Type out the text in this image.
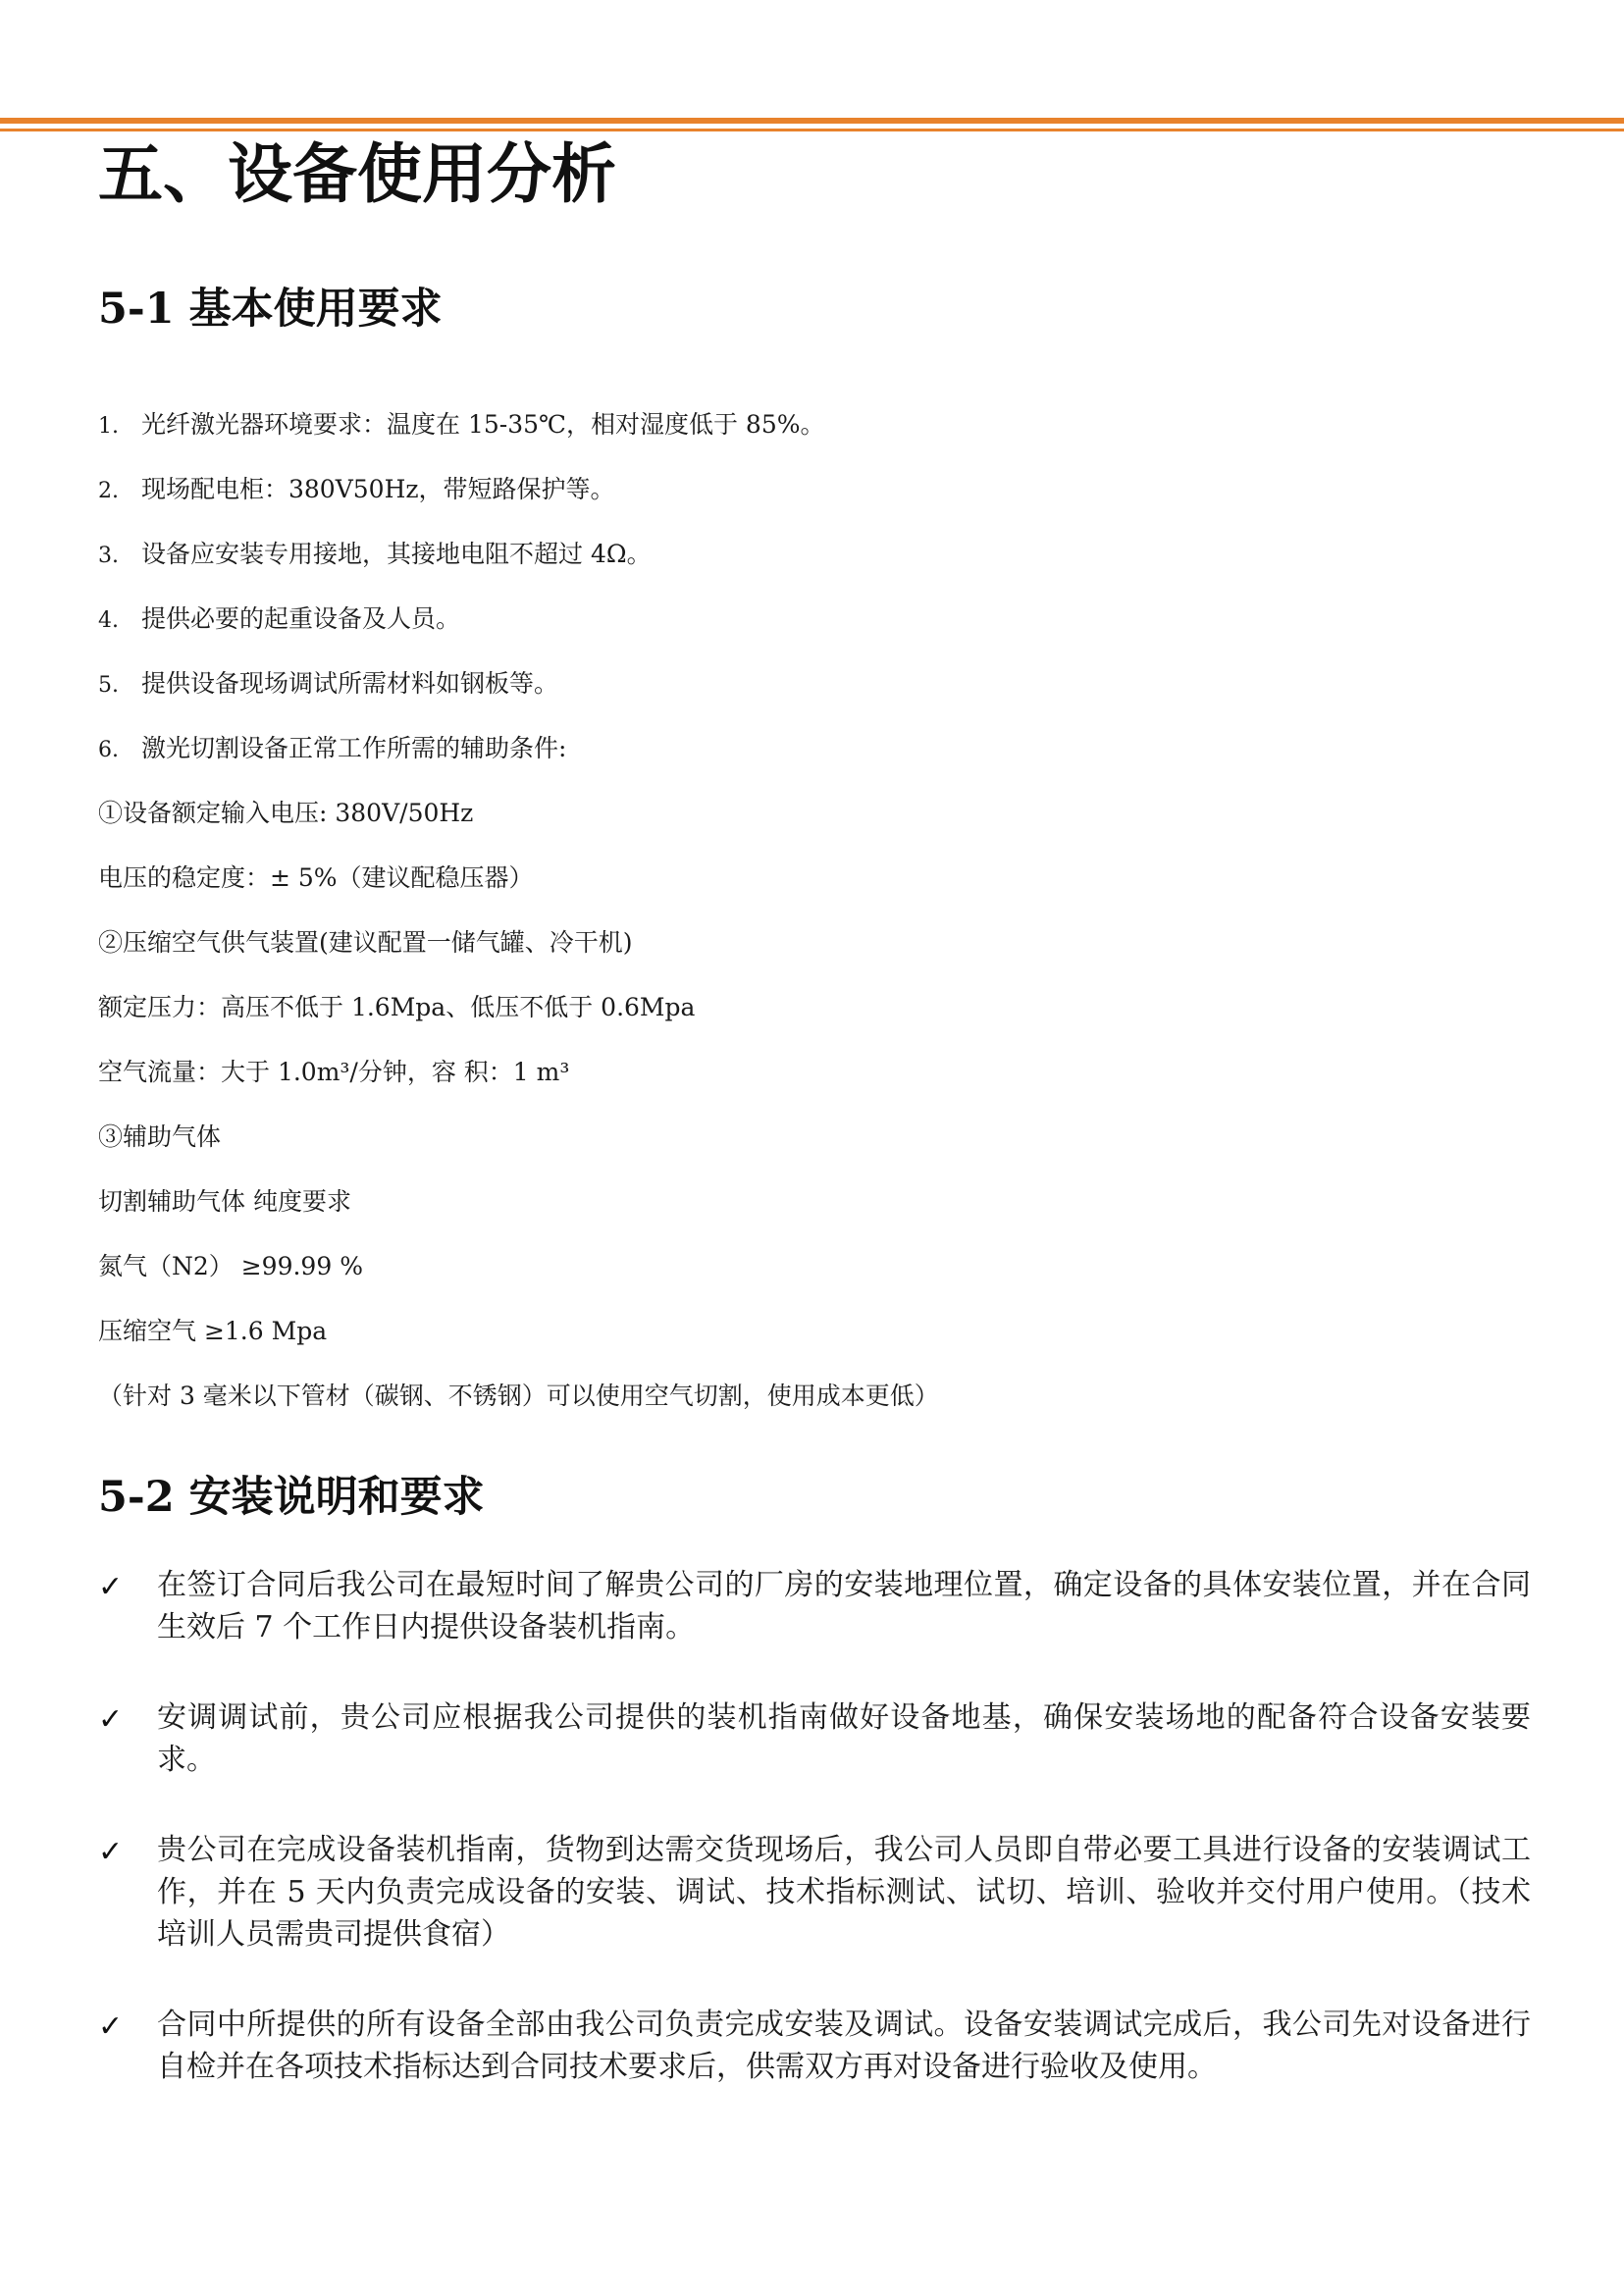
五、设备使用分析
5-1 基本使用要求
1. 光纤激光器环境要求：温度在 15-35℃，相对湿度低于 85%。
2. 现场配电柜：380V50Hz，带短路保护等。
3. 设备应安装专用接地，其接地电阻不超过 4Ω。
4. 提供必要的起重设备及人员。
5. 提供设备现场调试所需材料如钢板等。
6. 激光切割设备正常工作所需的辅助条件:
①设备额定输入电压: 380V/50Hz
电压的稳定度：± 5%（建议配稳压器）
②压缩空气供气装置(建议配置一储气罐、冷干机)
额定压力：高压不低于 1.6Mpa、低压不低于 0.6Mpa
空气流量：大于 1.0m³/分钟，容 积：1 m³
③辅助气体
切割辅助气体 纯度要求
氮气（N2） ≥99.99 %
压缩空气 ≥1.6 Mpa
（针对 3 毫米以下管材（碳钢、不锈钢）可以使用空气切割，使用成本更低）
5-2 安装说明和要求
✓ 在签订合同后我公司在最短时间了解贵公司的厂房的安装地理位置，确定设备的具体安装位置，并在合同生效后 7 个工作日内提供设备装机指南。
✓ 安调调试前，贵公司应根据我公司提供的装机指南做好设备地基，确保安装场地的配备符合设备安装要求。
✓ 贵公司在完成设备装机指南，货物到达需交货现场后，我公司人员即自带必要工具进行设备的安装调试工作，并在 5 天内负责完成设备的安装、调试、技术指标测试、试切、培训、验收并交付用户使用。（技术培训人员需贵司提供食宿）
✓ 合同中所提供的所有设备全部由我公司负责完成安装及调试。设备安装调试完成后，我公司先对设备进行自检并在各项技术指标达到合同技术要求后，供需双方再对设备进行验收及使用。
